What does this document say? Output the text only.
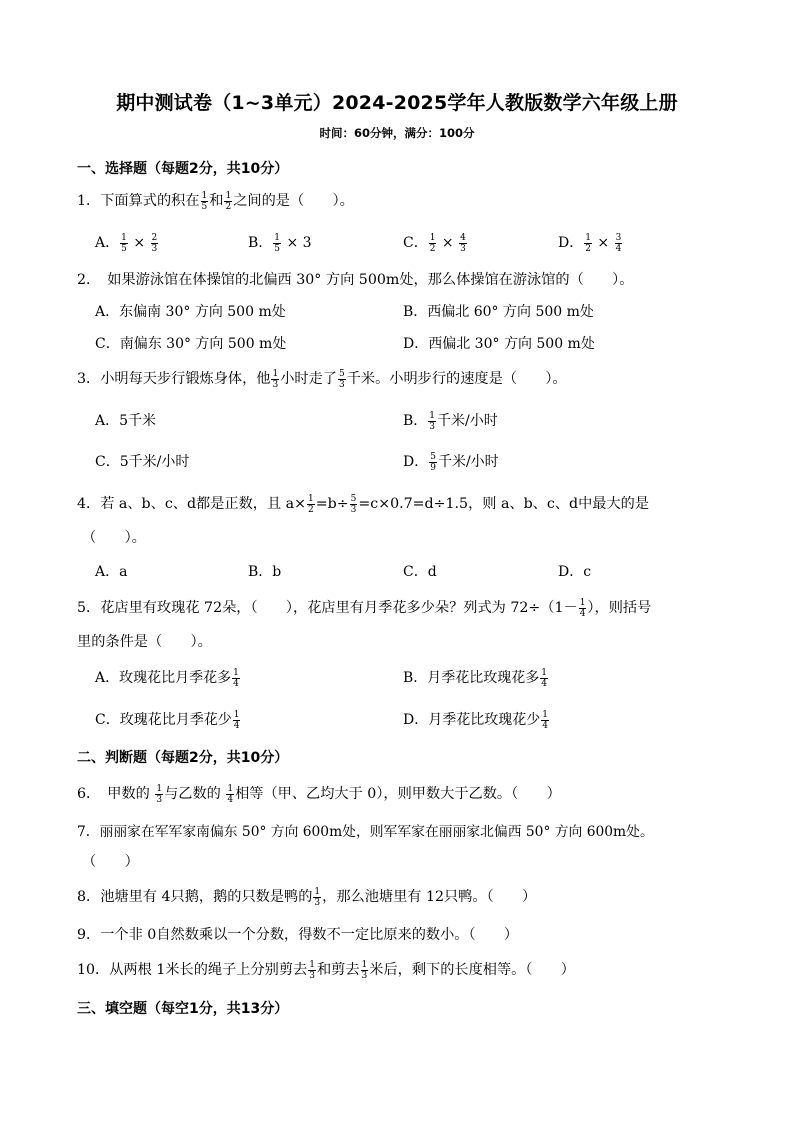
期中测试卷（1~3单元）2024-2025学年人教版数学六年级上册
时间：60分钟，满分：100分
一、选择题（每题2分，共10分）
1．下面算式的积在 $\frac{1}{5}$ 和 $\frac{1}{2}$ 之间的是（　　）。
A． $\frac{1}{5} \times \frac{2}{3}$	B． $\frac{1}{5} \times 3$	C． $\frac{1}{2} \times \frac{4}{3}$	D． $\frac{1}{2} \times \frac{3}{4}$
2．　如果游泳馆在体操馆的北偏西 30° 方向 500m处，那么体操馆在游泳馆的（　　）。
A．东偏南 30° 方向 500 m处	B．西偏北 60° 方向 500 m处
C．南偏东 30° 方向 500 m处	D．西偏北 30° 方向 500 m处
3．小明每天步行锻炼身体，他 $\frac{1}{3}$ 小时走了 $\frac{5}{3}$ 千米。小明步行的速度是（　　）。
A．5千米	B． $\frac{1}{3}$ 千米/小时
C．5千米/小时	D． $\frac{5}{9}$ 千米/小时
4．若 a、b、c、d都是正数，且 $a\times \frac{1}{2} =b\div \frac{5}{3} =c\times 0.7=d\div 1.5$，则 a、b、c、d中最大的是
（　　）。
A．a	B．b	C．d	D．c
5．花店里有玫瑰花 72朵，（　　），花店里有月季花多少朵？列式为 $72\div(1- \frac{1}{4}$ ），则括号
里的条件是（　　）。
A．玫瑰花比月季花多 $\frac{1}{4}$	B．月季花比玫瑰花多 $\frac{1}{4}$
C．玫瑰花比月季花少 $\frac{1}{4}$	D．月季花比玫瑰花少 $\frac{1}{4}$
二、判断题（每题2分，共10分）
6．　甲数的 $\frac{1}{3}$ 与乙数的 $\frac{1}{4}$ 相等（甲、乙均大于 0），则甲数大于乙数。（　　）
7．丽丽家在军军家南偏东 50° 方向 600m处，则军军家在丽丽家北偏西 50° 方向 600m处。
（　　）
8．池塘里有 4只鹅，鹅的只数是鸭的 $\frac{1}{3}$ ，那么池塘里有 12只鸭。（　　）
9．一个非 0自然数乘以一个分数，得数不一定比原来的数小。（　　）
10．从两根 1米长的绳子上分别剪去 $\frac{1}{3}$ 和剪去 $\frac{1}{3}$ 米后，剩下的长度相等。（　　）
三、填空题（每空1分，共13分）
